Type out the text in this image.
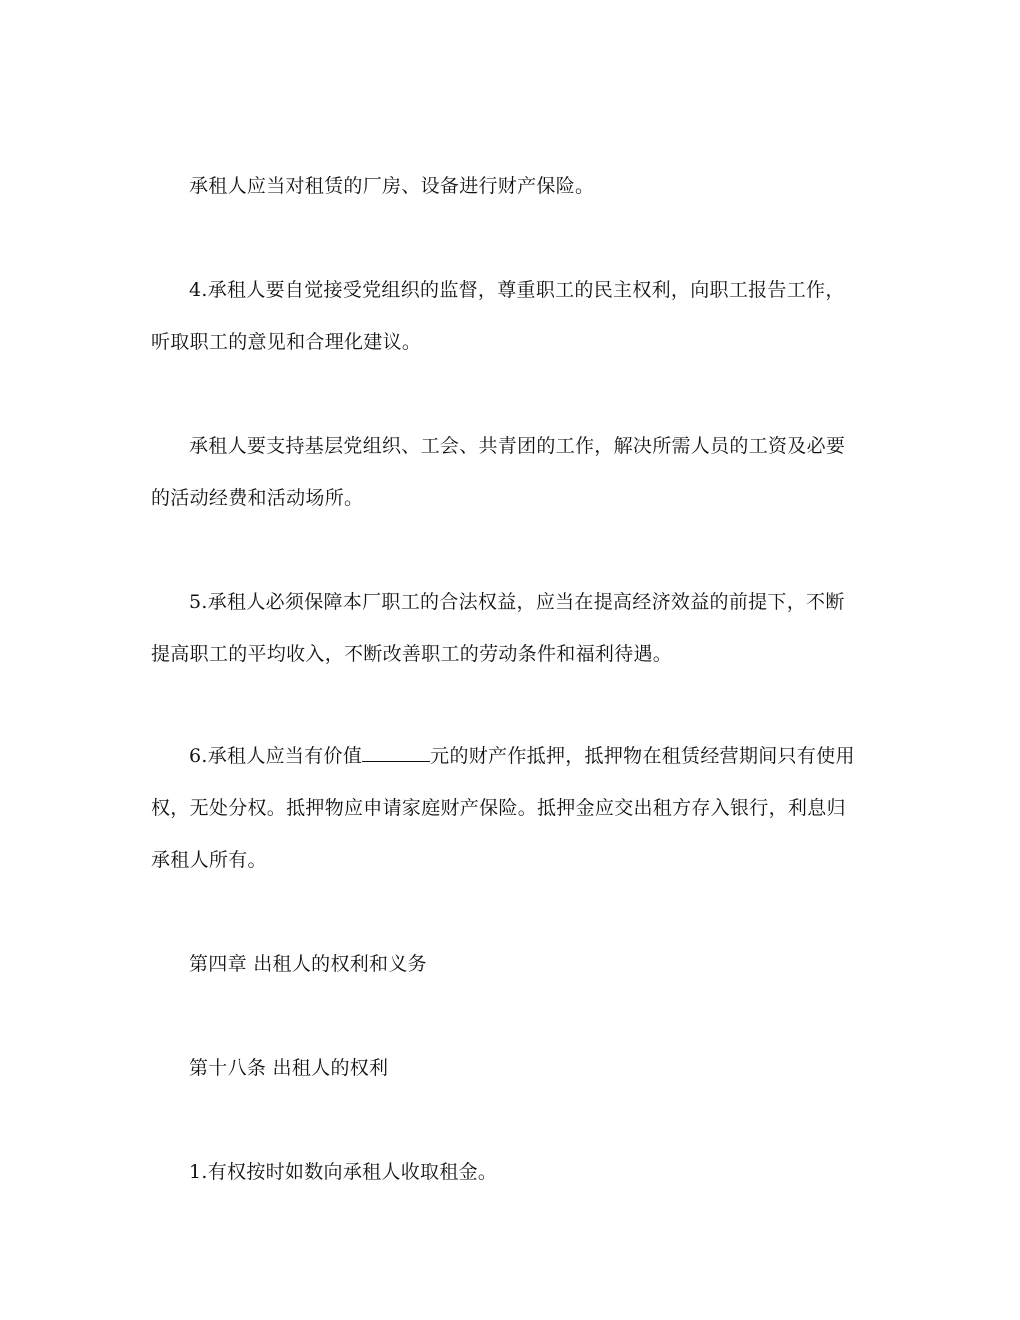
承租人应当对租赁的厂房、设备进行财产保险。
4.承租人要自觉接受党组织的监督，尊重职工的民主权利，向职工报告工作，
听取职工的意见和合理化建议。
承租人要支持基层党组织、工会、共青团的工作，解决所需人员的工资及必要
的活动经费和活动场所。
5.承租人必须保障本厂职工的合法权益，应当在提高经济效益的前提下，不断
提高职工的平均收入，不断改善职工的劳动条件和福利待遇。
6.承租人应当有价值	元的财产作抵押，抵押物在租赁经营期间只有使用
权，无处分权。抵押物应申请家庭财产保险。抵押金应交出租方存入银行，利息归
承租人所有。
第四章 出租人的权利和义务
第十八条 出租人的权利
1.有权按时如数向承租人收取租金。
